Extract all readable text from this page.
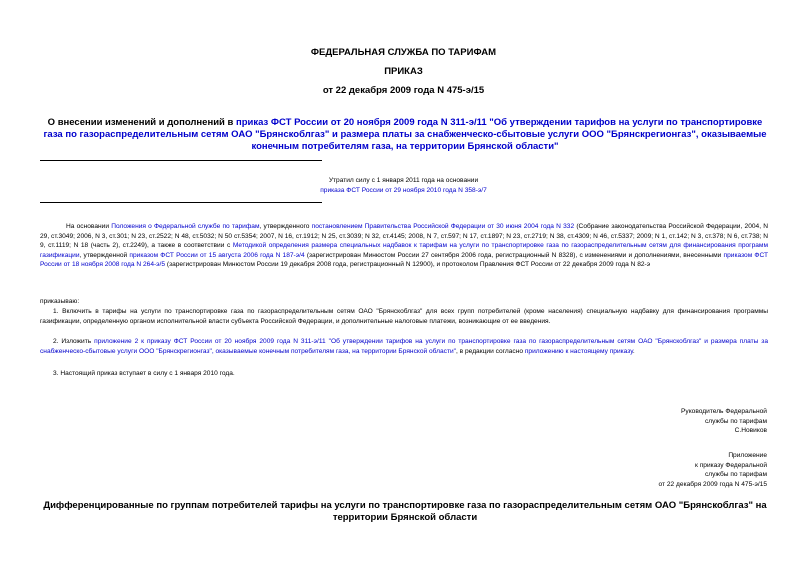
ФЕДЕРАЛЬНАЯ СЛУЖБА ПО ТАРИФАМ
ПРИКАЗ
от 22 декабря 2009 года N 475-э/15
О внесении изменений и дополнений в приказ ФСТ России от 20 ноября 2009 года N 311-э/11 "Об утверждении тарифов на услуги по транспортировке газа по газораспределительным сетям ОАО "Брянскоблгаз" и размера платы за снабженческо-сбытовые услуги ООО "Брянскрегионгаз", оказываемые конечным потребителям газа, на территории Брянской области"
Утратил силу с 1 января 2011 года на основании
приказа ФСТ России от 29 ноября 2010 года N 358-э/7
На основании Положения о Федеральной службе по тарифам, утвержденного постановлением Правительства Российской Федерации от 30 июня 2004 года N 332 (Собрание законодательства Российской Федерации, 2004, N 29, ст.3049; 2006, N 3, ст.301; N 23, ст.2522; N 48, ст.5032; N 50 ст.5354; 2007, N 16, ст.1912; N 25, ст.3039; N 32, ст.4145; 2008, N 7, ст.597; N 17, ст.1897; N 23, ст.2719; N 38, ст.4309; N 46, ст.5337; 2009; N 1, ст.142; N 3, ст.378; N 6, ст.738; N 9, ст.1119; N 18 (часть 2), ст.2249), а также в соответствии с Методикой определения размера специальных надбавок к тарифам на услуги по транспортировке газа по газораспределительным сетям для финансирования программ газификации, утвержденной приказом ФСТ России от 15 августа 2006 года N 187-э/4 (зарегистрирован Минюстом России 27 сентября 2006 года, регистрационный N 8328), с изменениями и дополнениями, внесенными приказом ФСТ России от 18 ноября 2008 года N 264-э/5 (зарегистрирован Минюстом России 19 декабря 2008 года, регистрационный N 12900), и протоколом Правления ФСТ России от 22 декабря 2009 года N 82-э
приказываю:
1. Включить в тарифы на услуги по транспортировке газа по газораспределительным сетям ОАО "Брянскоблгаз" для всех групп потребителей (кроме населения) специальную надбавку для финансирования программы газификации, определенную органом исполнительной власти субъекта Российской Федерации, и дополнительные налоговые платежи, возникающие от ее введения.
2. Изложить приложение 2 к приказу ФСТ России от 20 ноября 2009 года N 311-э/11 "Об утверждении тарифов на услуги по транспортировке газа по газораспределительным сетям ОАО "Брянскоблгаз" и размера платы за снабженческо-сбытовые услуги ООО "Брянскрегионгаз", оказываемые конечным потребителям газа, на территории Брянской области", в редакции согласно приложению к настоящему приказу.
3. Настоящий приказ вступает в силу с 1 января 2010 года.
Руководитель Федеральной
службы по тарифам
С.Новиков
Приложение
к приказу Федеральной
службы по тарифам
от 22 декабря 2009 года N 475-э/15
Дифференцированные по группам потребителей тарифы на услуги по транспортировке газа по газораспределительным сетям ОАО "Брянскоблгаз" на территории Брянской области
